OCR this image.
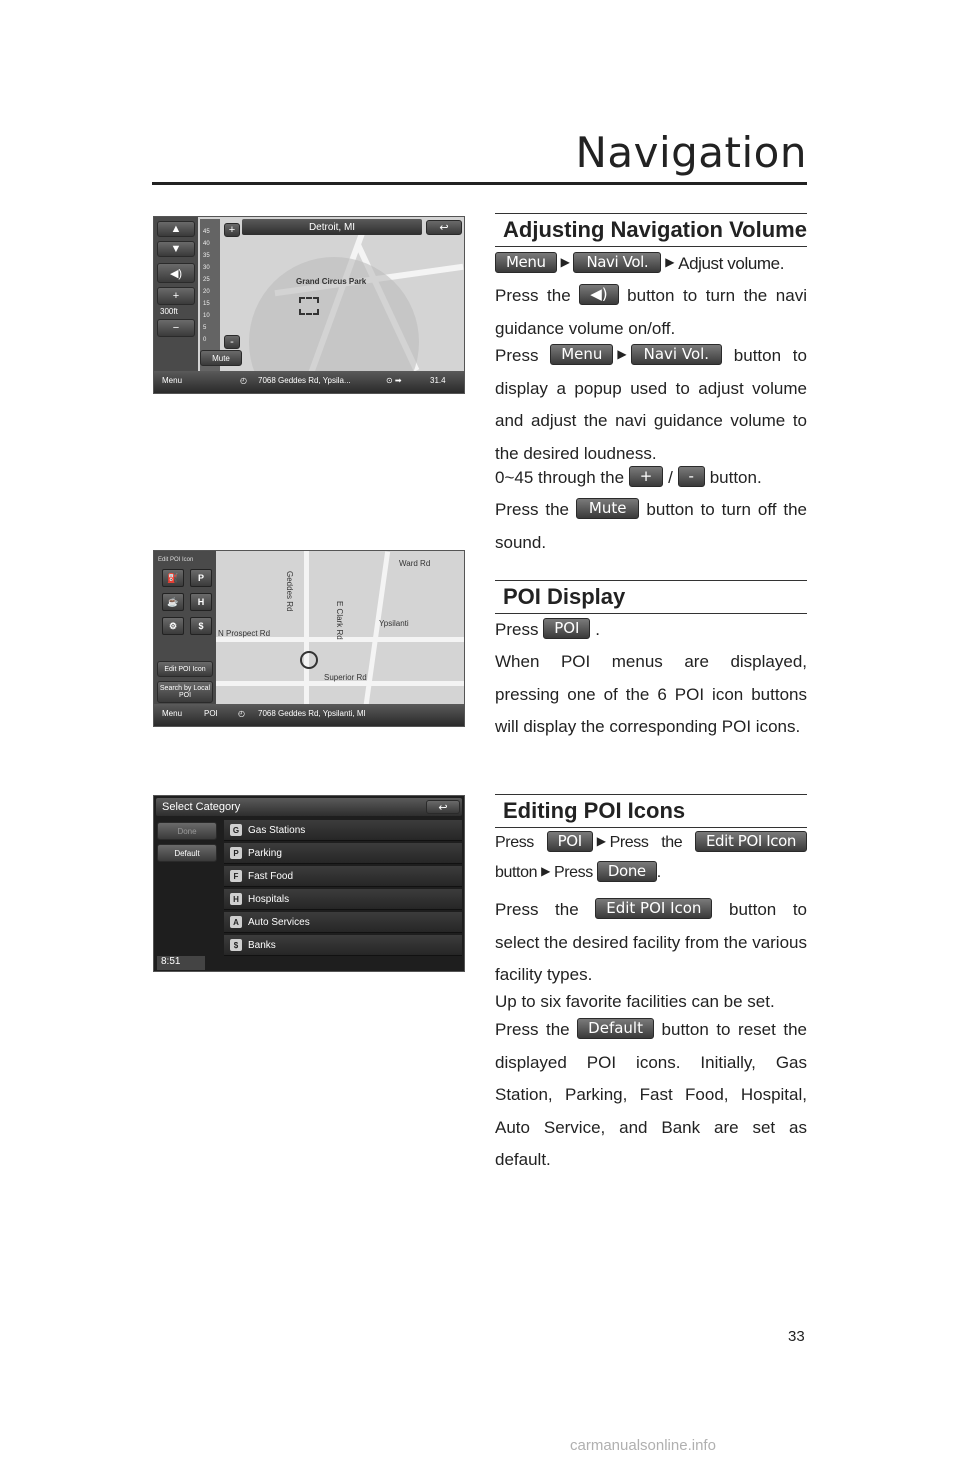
Navigation
Grand Circus Park
▲
▼
◀)
+
300ft
−
45
40
35
30
25
20
15
10
5
0
+
-
Mute
Detroit, MI	↩
Menu	◴ 7068 Geddes Rd, Ypsila...	⊙ ➡	31.4
N Prospect Rd
Geddes Rd
E Clark Rd
Superior Rd
Ward Rd
Ypsilanti
Edit POI Icon
⛽	P
☕	H
⚙	$
Edit POI Icon
Search by Local POI
Menu	POI	◴ 7068 Geddes Rd, Ypsilanti, MI
Select Category	↩
Done
Default
G Gas Stations
P Parking
F Fast Food
H Hospitals
A Auto Services
$ Banks
8:51
Adjusting Navigation Volume
Menu ▶ Navi Vol. ▶ Adjust volume.
Press the ◀) button to turn the navi guidance volume on/off.
Press Menu ▶ Navi Vol. button to display a popup used to adjust volume and adjust the navi guidance volume to the desired loudness.
0~45 through the + / - button.
Press the Mute button to turn off the sound.
POI Display
Press POI .
When POI menus are displayed, pressing one of the 6 POI icon buttons will display the corresponding POI icons.
Editing POI Icons
Press POI ▶ Press the Edit POI Icon button ▶ Press Done .
Press the Edit POI Icon button to select the desired facility from the various facility types.
Up to six favorite facilities can be set.
Press the Default button to reset the displayed POI icons. Initially, Gas Station, Parking, Fast Food, Hospital, Auto Service, and Bank are set as default.
33
carmanualsonline.info
